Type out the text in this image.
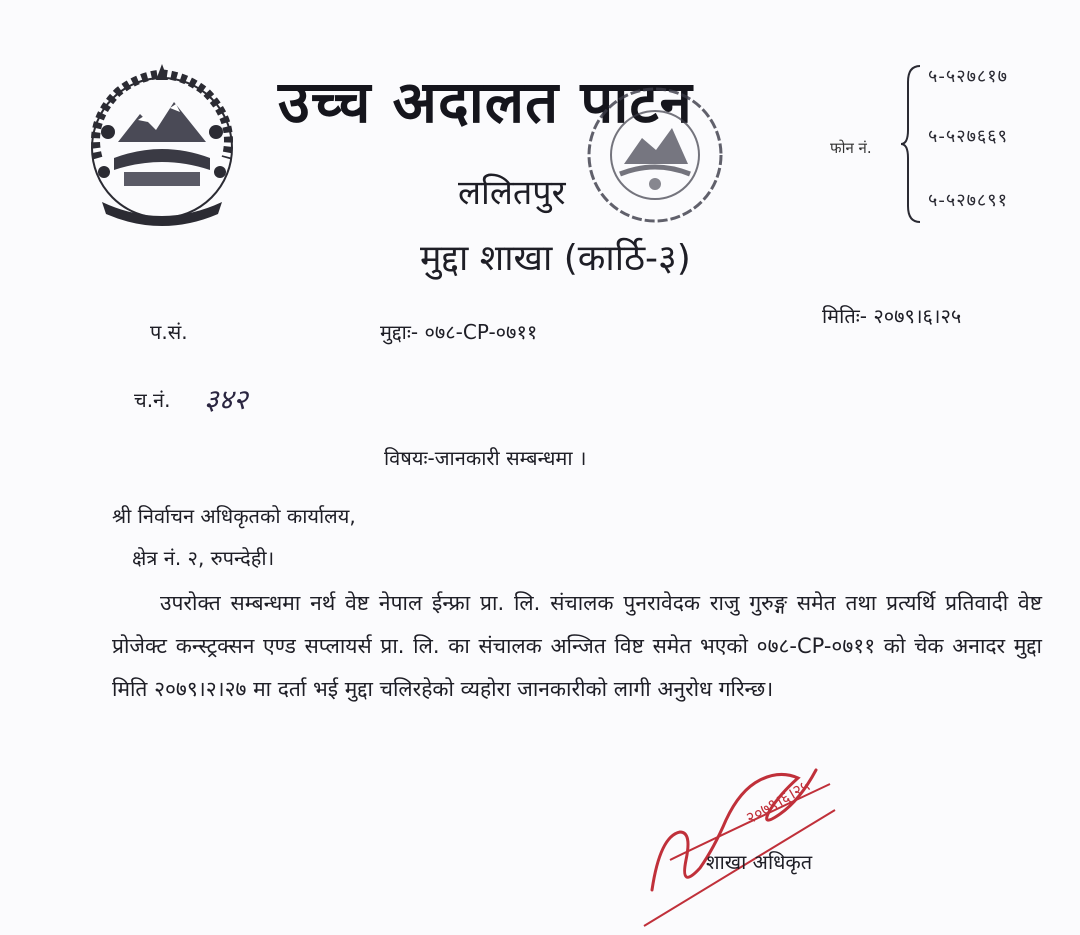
उच्च अदालत पाटन
ललितपुर
मुद्दा शाखा (कार्ठि-३)
फोन नं.
५-५२७८१७
५-५२७६६९
५-५२७८९१
प.सं.	मुद्दाः- ०७८-CP-०७११
मितिः- २०७९।६।२५
च.नं. ३४२
विषयः-जानकारी सम्बन्धमा ।
श्री निर्वाचन अधिकृतको कार्यालय,
क्षेत्र नं. २, रुपन्देही।
उपरोक्त सम्बन्धमा नर्थ वेष्ट नेपाल ईन्फ्रा प्रा. लि. संचालक पुनरावेदक राजु गुरुङ्ग समेत तथा प्रत्यर्थि प्रतिवादी वेष्ट प्रोजेक्ट कन्स्ट्रक्सन एण्ड सप्लायर्स प्रा. लि. का संचालक अन्जित विष्ट समेत भएको ०७८-CP-०७११ को चेक अनादर मुद्दा मिति २०७९।२।२७ मा दर्ता भई मुद्दा चलिरहेको व्यहोरा जानकारीको लागी अनुरोध गरिन्छ।
२०७९।६।२५
शाखा अधिकृत
